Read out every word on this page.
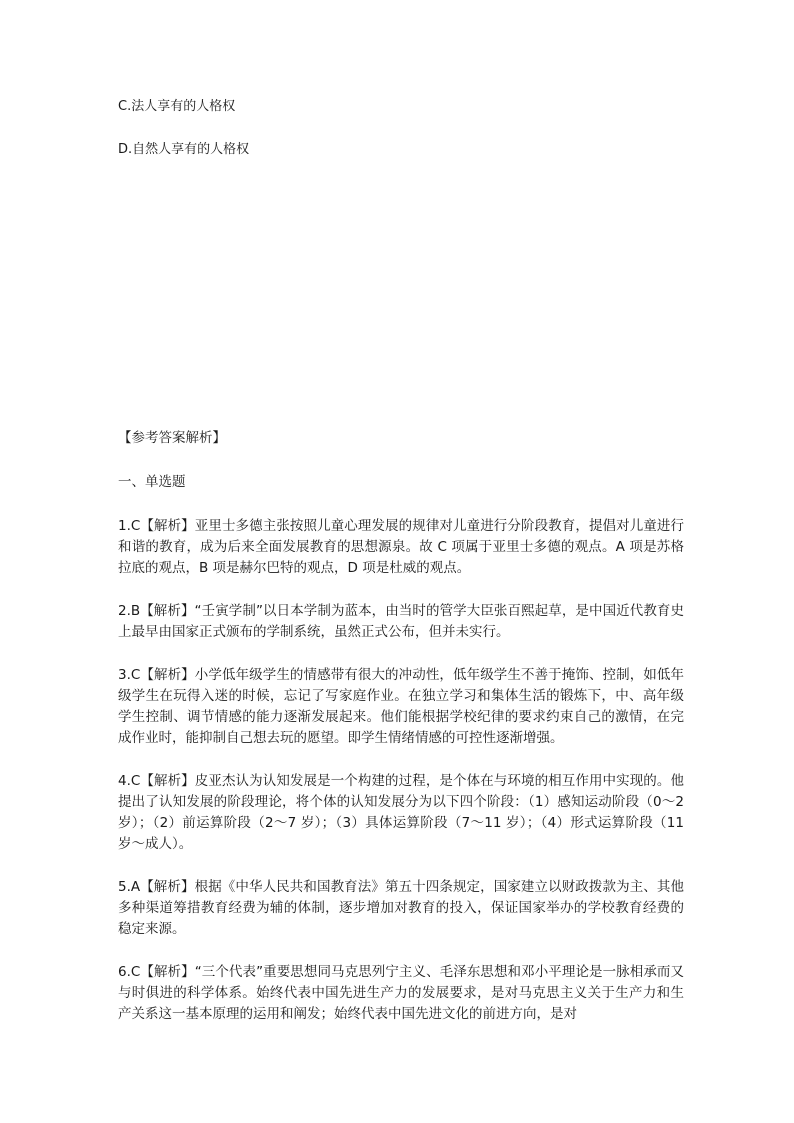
C.法人享有的人格权
D.自然人享有的人格权

【参考答案解析】

一、单选题

1.C【解析】亚里士多德主张按照儿童心理发展的规律对儿童进行分阶段教育，提倡对儿童进行和谐的教育，成为后来全面发展教育的思想源泉。故 C 项属于亚里士多德的观点。A 项是苏格拉底的观点，B 项是赫尔巴特的观点，D 项是杜威的观点。

2.B【解析】“壬寅学制”以日本学制为蓝本，由当时的管学大臣张百熙起草，是中国近代教育史上最早由国家正式颁布的学制系统，虽然正式公布，但并未实行。

3.C【解析】小学低年级学生的情感带有很大的冲动性，低年级学生不善于掩饰、控制，如低年级学生在玩得入迷的时候，忘记了写家庭作业。在独立学习和集体生活的锻炼下，中、高年级学生控制、调节情感的能力逐渐发展起来。他们能根据学校纪律的要求约束自己的激情，在完成作业时，能抑制自己想去玩的愿望。即学生情绪情感的可控性逐渐增强。

4.C【解析】皮亚杰认为认知发展是一个构建的过程，是个体在与环境的相互作用中实现的。他提出了认知发展的阶段理论，将个体的认知发展分为以下四个阶段：（1）感知运动阶段（0～2 岁）；（2）前运算阶段（2～7 岁）；（3）具体运算阶段（7～11 岁）；（4）形式运算阶段（11 岁～成人）。

5.A【解析】根据《中华人民共和国教育法》第五十四条规定，国家建立以财政拨款为主、其他多种渠道筹措教育经费为辅的体制，逐步增加对教育的投入，保证国家举办的学校教育经费的稳定来源。

6.C【解析】“三个代表”重要思想同马克思列宁主义、毛泽东思想和邓小平理论是一脉相承而又与时俱进的科学体系。始终代表中国先进生产力的发展要求，是对马克思主义关于生产力和生产关系这一基本原理的运用和阐发；始终代表中国先进文化的前进方向，是对
